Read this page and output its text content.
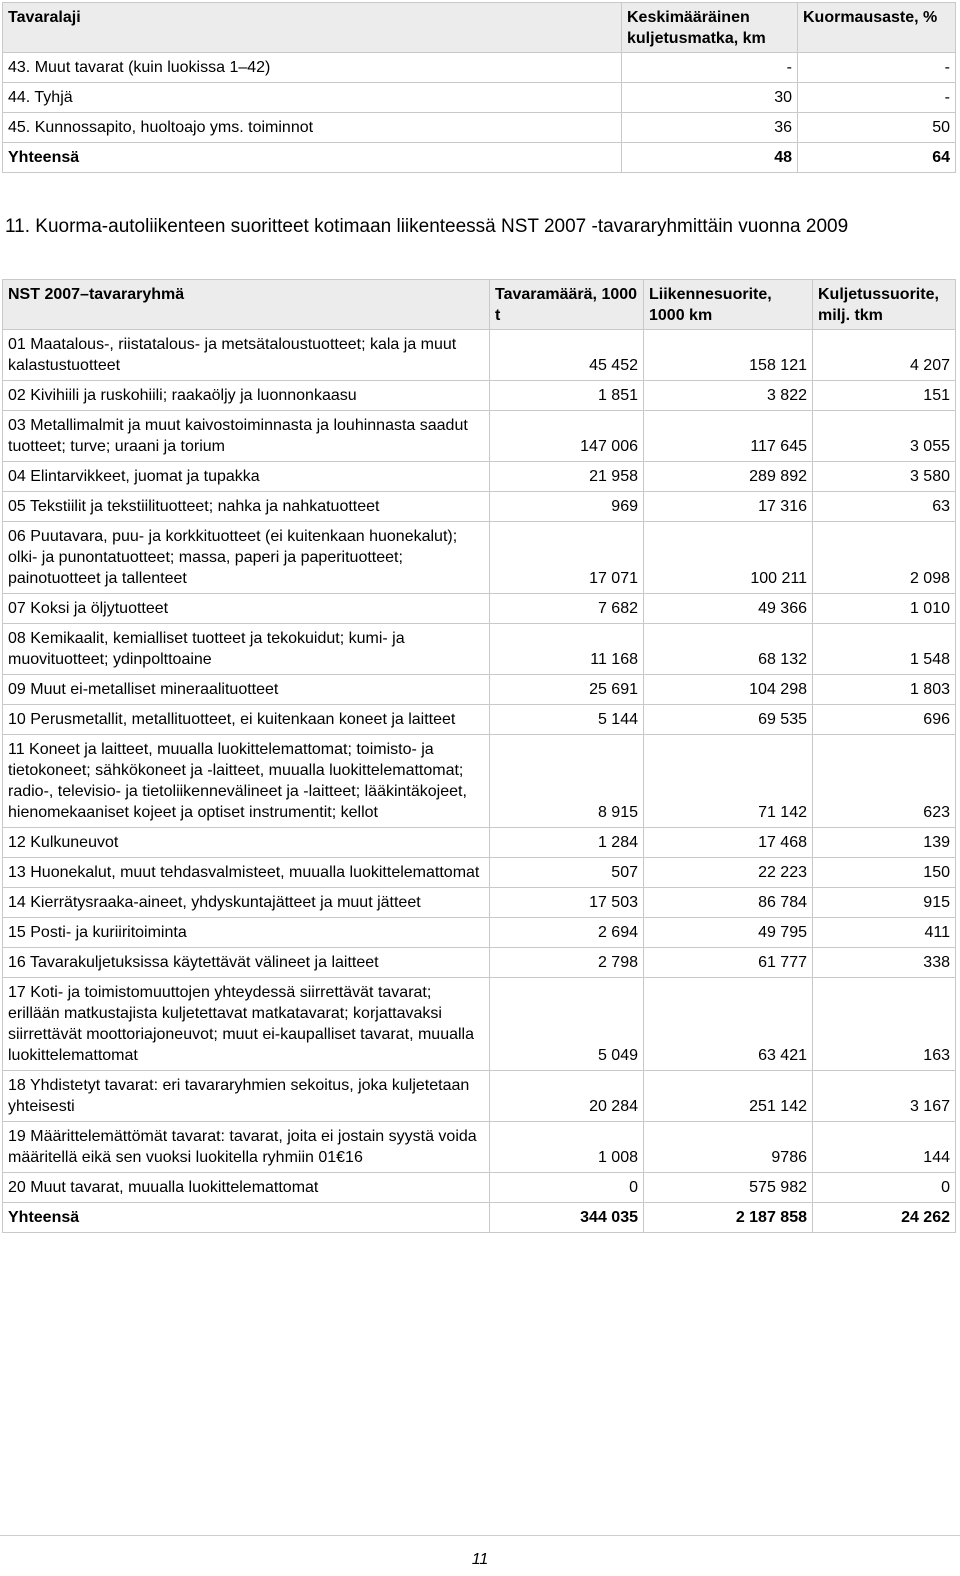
Tavaralaji	Keskimääräinen kuljetusmatka, km	Kuormausaste, %
43. Muut tavarat (kuin luokissa 1–42)	-	-
44. Tyhjä	30	-
45. Kunnossapito, huoltoajo yms. toiminnot	36	50
Yhteensä	48	64
11. Kuorma-autoliikenteen suoritteet kotimaan liikenteessä NST 2007 -tavararyhmittäin vuonna 2009
NST 2007–tavararyhmä	Tavaramäärä, 1000 t	Liikennesuorite, 1000 km	Kuljetussuorite, milj. tkm
01 Maatalous-, riistatalous- ja metsätaloustuotteet; kala ja muut kalastustuotteet	45 452	158 121	4 207
02 Kivihiili ja ruskohiili; raakaöljy ja luonnonkaasu	1 851	3 822	151
03 Metallimalmit ja muut kaivostoiminnasta ja louhinnasta saadut tuotteet; turve; uraani ja torium	147 006	117 645	3 055
04 Elintarvikkeet, juomat ja tupakka	21 958	289 892	3 580
05 Tekstiilit ja tekstiilituotteet; nahka ja nahkatuotteet	969	17 316	63
06 Puutavara, puu- ja korkkituotteet (ei kuitenkaan huonekalut); olki- ja punontatuotteet; massa, paperi ja paperituotteet; painotuotteet ja tallenteet	17 071	100 211	2 098
07 Koksi ja öljytuotteet	7 682	49 366	1 010
08 Kemikaalit, kemialliset tuotteet ja tekokuidut; kumi- ja muovituotteet; ydinpolttoaine	11 168	68 132	1 548
09 Muut ei-metalliset mineraalituotteet	25 691	104 298	1 803
10 Perusmetallit, metallituotteet, ei kuitenkaan koneet ja laitteet	5 144	69 535	696
11 Koneet ja laitteet, muualla luokittelemattomat; toimisto- ja tietokoneet; sähkökoneet ja -laitteet, muualla luokittelemattomat; radio-, televisio- ja tietoliikennevälineet ja -laitteet; lääkintäkojeet, hienomekaaniset kojeet ja optiset instrumentit; kellot	8 915	71 142	623
12 Kulkuneuvot	1 284	17 468	139
13 Huonekalut, muut tehdasvalmisteet, muualla luokittelemattomat	507	22 223	150
14 Kierrätysraaka-aineet, yhdyskuntajätteet ja muut jätteet	17 503	86 784	915
15 Posti- ja kuriiritoiminta	2 694	49 795	411
16 Tavarakuljetuksissa käytettävät välineet ja laitteet	2 798	61 777	338
17 Koti- ja toimistomuuttojen yhteydessä siirrettävät tavarat; erillään matkustajista kuljetettavat matkatavarat; korjattavaksi siirrettävät moottoriajoneuvot; muut ei-kaupalliset tavarat, muualla luokittelemattomat	5 049	63 421	163
18 Yhdistetyt tavarat: eri tavararyhmien sekoitus, joka kuljetetaan yhteisesti	20 284	251 142	3 167
19 Määrittelemättömät tavarat: tavarat, joita ei jostain syystä voida määritellä eikä sen vuoksi luokitella ryhmiin 01€16	1 008	9786	144
20 Muut tavarat, muualla luokittelemattomat	0	575 982	0
Yhteensä	344 035	2 187 858	24 262
11
